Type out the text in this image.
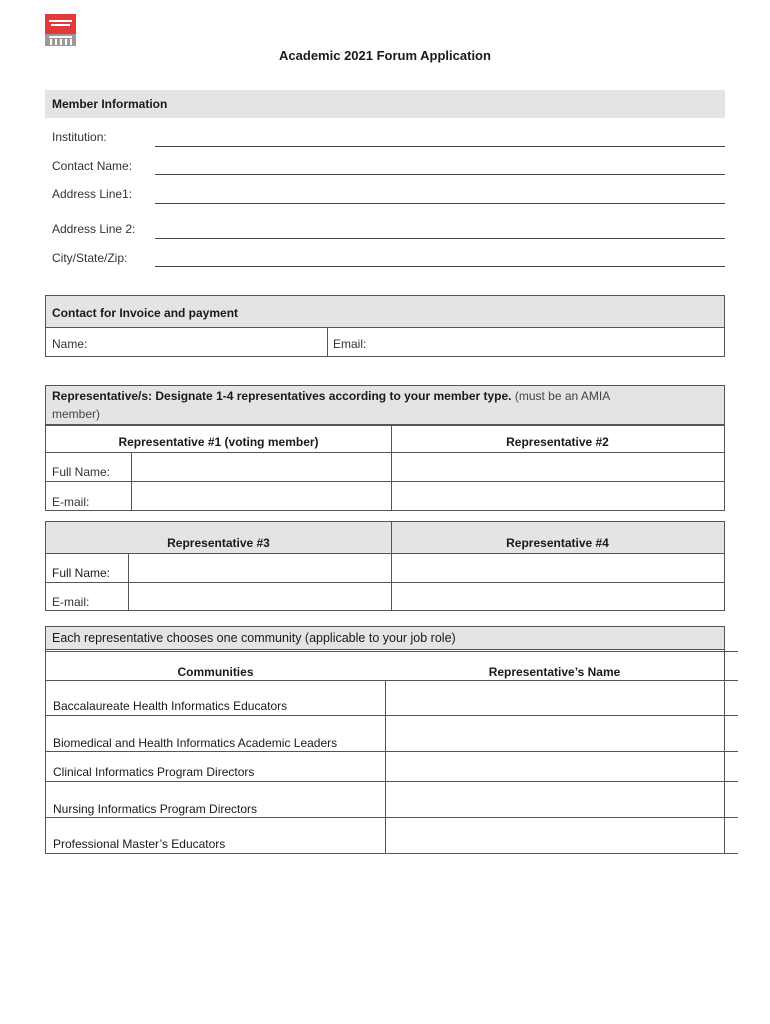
Academic 2021 Forum Application
Member Information
Institution:
Contact Name:
Address Line1:
Address Line 2:
City/State/Zip:
Contact for Invoice and payment
Name:	Email:
Representative/s: Designate 1-4 representatives according to your member type. (must be an AMIA
member)
Representative #1 (voting member)	Representative #2
Full Name:
E-mail:
Representative #3	Representative #4
Full Name:
E-mail:
Each representative chooses one community (applicable to your job role)
Communities	Representative’s Name
Baccalaureate Health Informatics Educators
Biomedical and Health Informatics Academic Leaders
Clinical Informatics Program Directors
Nursing Informatics Program Directors
Professional Master’s Educators
